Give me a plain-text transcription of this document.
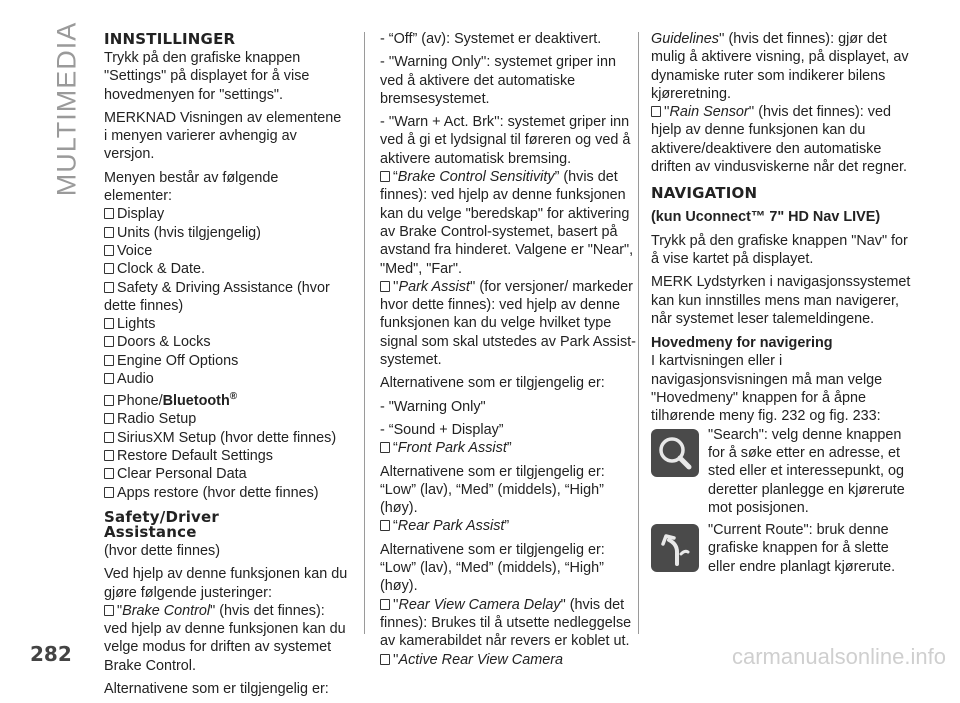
MULTIMEDIA
282	carmanualsonline.info
INNSTILLINGER

Trykk på den grafiske knappen "Settings" på displayet for å vise hovedmenyen for "settings".

MERKNAD Visningen av elementene i menyen varierer avhengig av versjon.

Menyen består av følgende elementer:

Display
Units (hvis tilgjengelig)
Voice
Clock & Date.
Safety & Driving Assistance (hvor dette finnes)
Lights
Doors & Locks
Engine Off Options
Audio
Phone/Bluetooth®
Radio Setup
SiriusXM Setup (hvor dette finnes)
Restore Default Settings
Clear Personal Data
Apps restore (hvor dette finnes)
Safety/Driver Assistance

(hvor dette finnes)

Ved hjelp av denne funksjonen kan du gjøre følgende justeringer:

"Brake Control" (hvis det finnes): ved hjelp av denne funksjonen kan du velge modus for driften av systemet Brake Control.

Alternativene som er tilgjengelig er:

- “Off” (av): Systemet er deaktivert.

- ''Warning Only'': systemet griper inn ved å aktivere det automatiske bremsesystemet.

- ''Warn + Act. Brk'': systemet griper inn ved å gi et lydsignal til føreren og ved å aktivere automatisk bremsing.

“Brake Control Sensitivity” (hvis det finnes): ved hjelp av denne funksjonen kan du velge "beredskap" for aktivering av Brake Control-systemet, basert på avstand fra hinderet. Valgene er "Near", "Med", "Far".

''Park Assist'' (for versjoner/ markeder hvor dette finnes): ved hjelp av denne funksjonen kan du velge hvilket type signal som skal utstedes av Park Assist-systemet.

Alternativene som er tilgjengelig er:

- "Warning Only"

- “Sound + Display”

“Front Park Assist”

Alternativene som er tilgjengelig er: “Low” (lav), “Med” (middels), “High” (høy).

“Rear Park Assist”

Alternativene som er tilgjengelig er: “Low” (lav), “Med” (middels), “High” (høy).

''Rear View Camera Delay" (hvis det finnes): Brukes til å utsette nedleggelse av kamerabildet når revers er koblet ut.

''Active Rear View Camera

Guidelines'' (hvis det finnes): gjør det mulig å aktivere visning, på displayet, av dynamiske ruter som indikerer bilens kjøreretning.

''Rain Sensor'' (hvis det finnes): ved hjelp av denne funksjonen kan du aktivere/deaktivere den automatiske driften av vindusviskerne når det regner.

NAVIGATION

(kun Uconnect™ 7" HD Nav LIVE)

Trykk på den grafiske knappen "Nav" for å vise kartet på displayet.

MERK Lydstyrken i navigasjonssystemet kan kun innstilles mens man navigerer, når systemet leser talemeldingene.

Hovedmeny for navigering

I kartvisningen eller i navigasjonsvisningen må man velge "Hovedmeny" knappen for å åpne tilhørende meny fig. 232 og fig. 233:

"Search": velg denne knappen for å søke etter en adresse, et sted eller et interessepunkt, og deretter planlegge en kjørerute mot posisjonen.
"Current Route": bruk denne grafiske knappen for å slette eller endre planlagt kjørerute.
